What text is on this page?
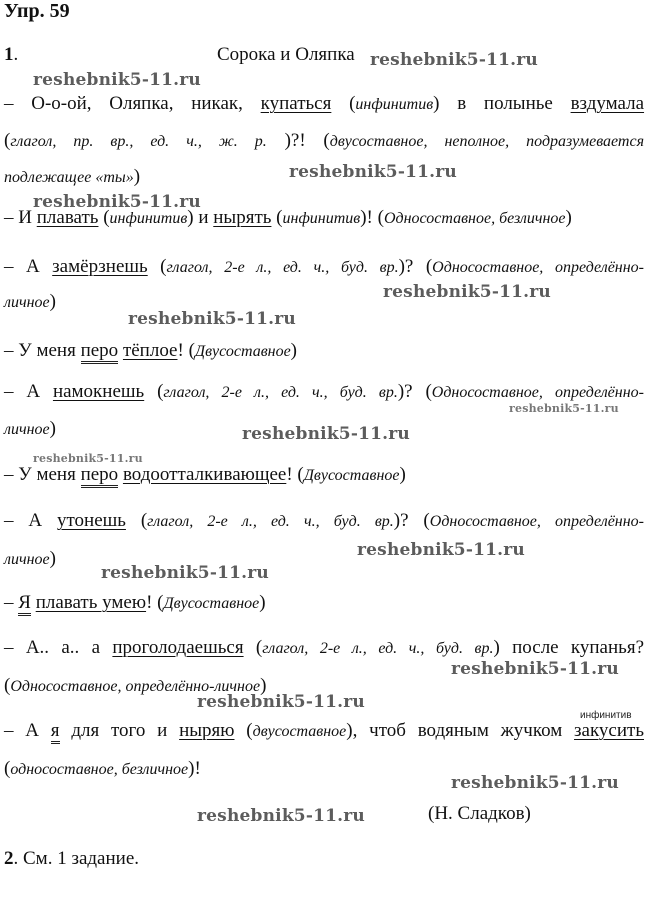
Упр. 59
1.	Сорока и Оляпка
– О-о-ой, Оляпка, никак, купаться (инфинитив) в полынье вздумала
(глагол, пр. вр., ед. ч., ж. р. )?! (двусоставное, неполное, подразумевается
подлежащее «ты»)
– И плавать (инфинитив) и нырять (инфинитив)! (Односоставное, безличное)
– А замёрзнешь (глагол, 2-е л., ед. ч., буд. вр.)? (Односоставное, определённо-
личное)
– У меня перо тёплое! (Двусоставное)
– А намокнешь (глагол, 2-е л., ед. ч., буд. вр.)? (Односоставное, определённо-
личное)
– У меня перо водоотталкивающее! (Двусоставное)
– А утонешь (глагол, 2-е л., ед. ч., буд. вр.)? (Односоставное, определённо-
личное)
– Я плавать умею! (Двусоставное)
– А.. а.. а проголодаешься (глагол, 2-е л., ед. ч., буд. вр.) после купанья?
(Односоставное, определённо-личное)
инфинитив
– А я для того и ныряю (двусоставное), чтоб водяным жучком закусить
(односоставное, безличное)!
(Н. Сладков)
2. См. 1 задание.
reshebnik5-11.ru
reshebnik5-11.ru
reshebnik5-11.ru
reshebnik5-11.ru
reshebnik5-11.ru
reshebnik5-11.ru
reshebnik5-11.ru
reshebnik5-11.ru
reshebnik5-11.ru
reshebnik5-11.ru
reshebnik5-11.ru
reshebnik5-11.ru
reshebnik5-11.ru
reshebnik5-11.ru
reshebnik5-11.ru
